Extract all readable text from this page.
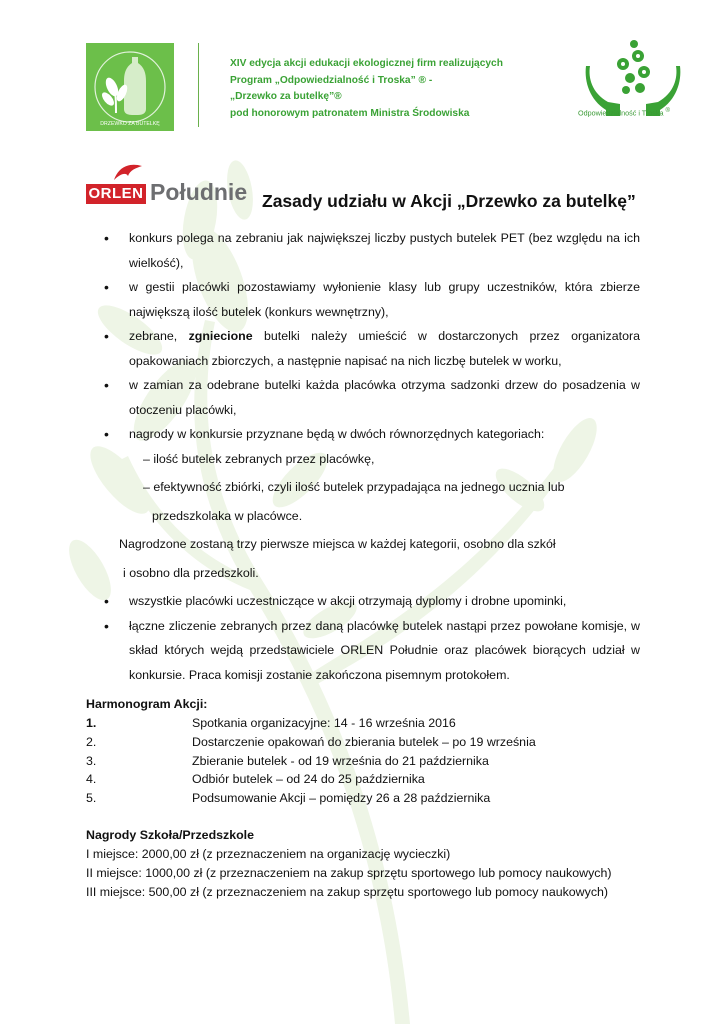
DRZEWKO ZA BUTELKĘ
XIV edycja akcji edukacji ekologicznej firm realizujących
Program „Odpowiedzialność i Troska” ® -
„Drzewko za butelkę”®
pod honorowym patronatem Ministra Środowiska	Odpowiedzialność i Troska ®
ORLEN Południe Zasady udziału w Akcji „Drzewko za butelkę”
• konkurs polega na zebraniu jak największej liczby pustych butelek PET (bez względu na ich wielkość),
• w gestii placówki pozostawiamy wyłonienie klasy lub grupy uczestników, która zbierze największą ilość butelek (konkurs wewnętrzny),
• zebrane, zgniecione butelki należy umieścić w dostarczonych przez organizatora opakowaniach zbiorczych, a następnie napisać na nich liczbę butelek w worku,
• w zamian za odebrane butelki każda placówka otrzyma sadzonki drzew do posadzenia w otoczeniu placówki,
• nagrody w konkursie przyznane będą w dwóch równorzędnych kategoriach:
– ilość butelek zebranych przez placówkę,
– efektywność zbiórki, czyli ilość butelek przypadająca na jednego ucznia lub
przedszkolaka w placówce.
Nagrodzone zostaną trzy pierwsze miejsca w każdej kategorii, osobno dla szkół
i osobno dla przedszkoli.
• wszystkie placówki uczestniczące w akcji otrzymają dyplomy i drobne upominki,
• łączne zliczenie zebranych przez daną placówkę butelek nastąpi przez powołane komisje, w skład których wejdą przedstawiciele ORLEN Południe oraz placówek biorących udział w konkursie. Praca komisji zostanie zakończona pisemnym protokołem.
Harmonogram Akcji:
1.	Spotkania organizacyjne: 14 - 16 września 2016
2.	Dostarczenie opakowań do zbierania butelek – po 19 września
3.	Zbieranie butelek - od 19 września do 21 października
4.	Odbiór butelek – od 24 do 25 października
5.	Podsumowanie Akcji – pomiędzy 26 a 28 października
Nagrody Szkoła/Przedszkole
I miejsce: 2000,00 zł (z przeznaczeniem na organizację wycieczki)
II miejsce: 1000,00 zł (z przeznaczeniem na zakup sprzętu sportowego lub pomocy naukowych)
III miejsce: 500,00 zł (z przeznaczeniem na zakup sprzętu sportowego lub pomocy naukowych)
